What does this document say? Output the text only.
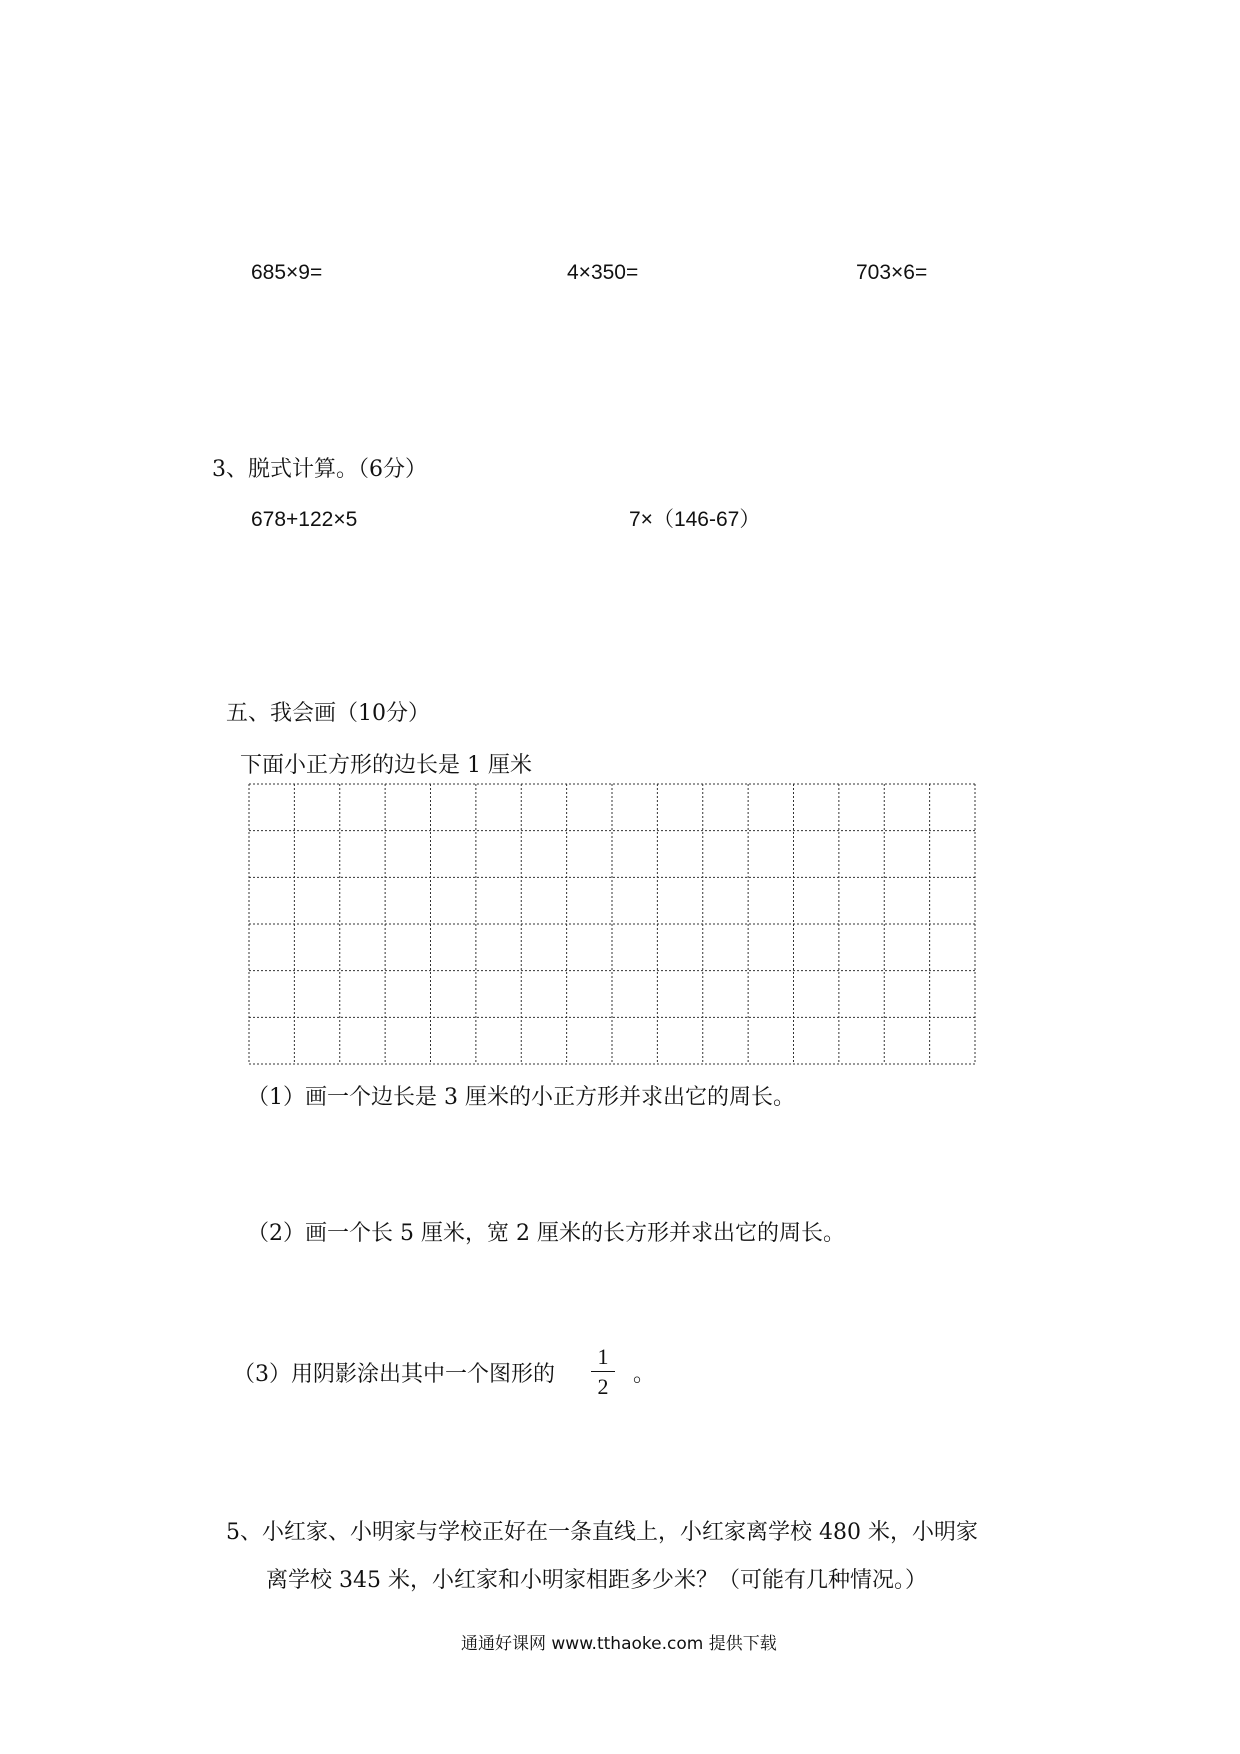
685×9=	4×350=	703×6=
3、脱式计算。（6分）
678+122×5	7×（146-67）
五、我会画（10分）
下面小正方形的边长是 1 厘米
（1）画一个边长是 3 厘米的小正方形并求出它的周长。
（2）画一个长 5 厘米，宽 2 厘米的长方形并求出它的周长。
（3）用阴影涂出其中一个图形的
1
2 。
5、小红家、小明家与学校正好在一条直线上，小红家离学校 480 米，小明家
离学校 345 米，小红家和小明家相距多少米？（可能有几种情况。）
通通好课网 www.tthaoke.com 提供下载
